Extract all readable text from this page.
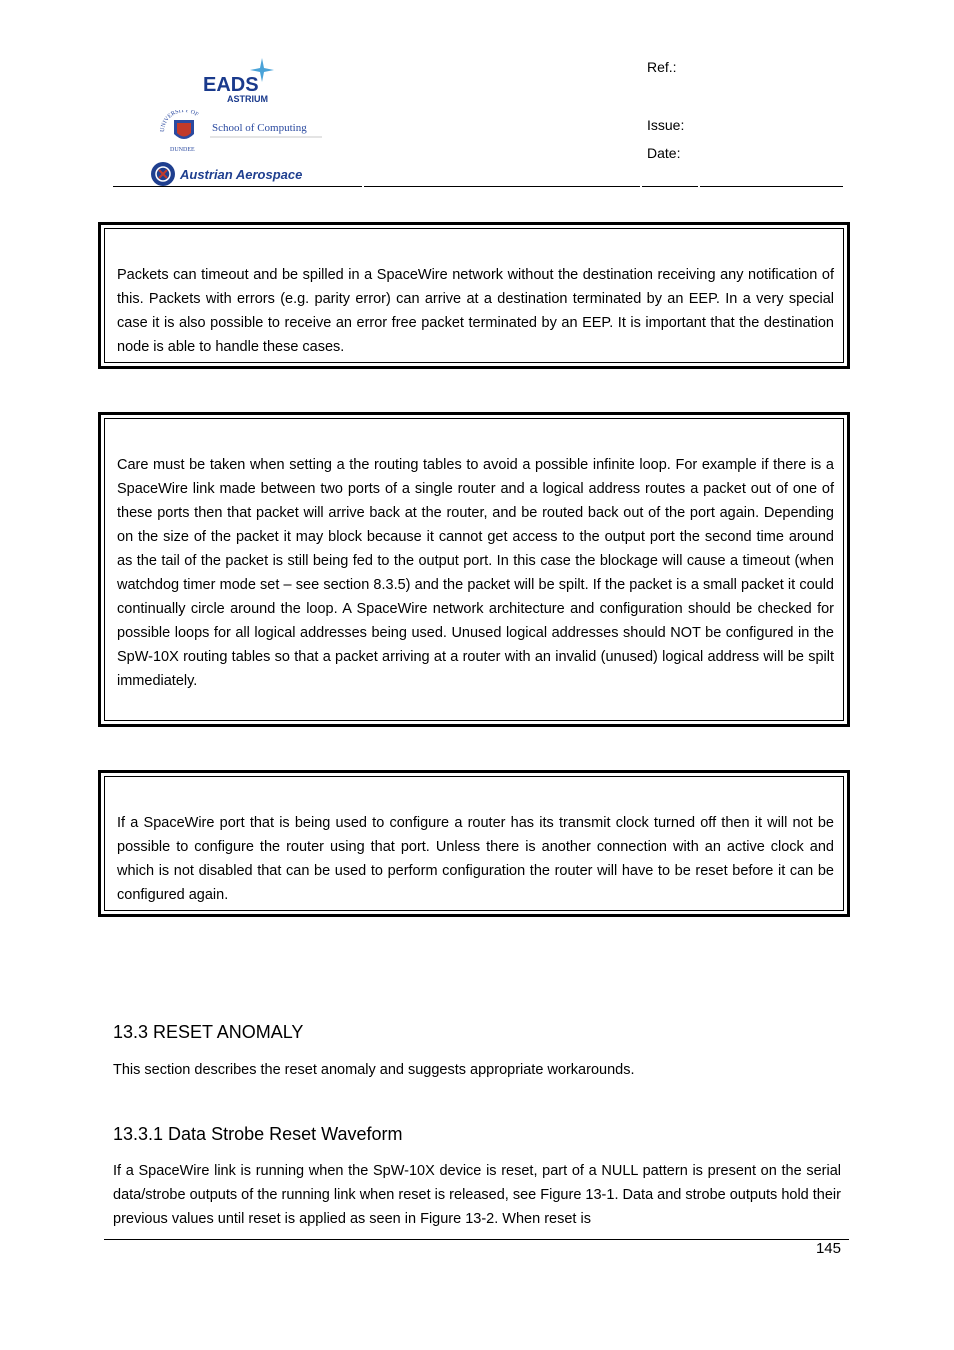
EADS
ASTRIUM
UNIVERSITY OF
DUNDEE
School of Computing
Austrian Aerospace
Ref.:
Issue:
Date:

Packets can timeout and be spilled in a SpaceWire network without the destination receiving any notification of this. Packets with errors (e.g. parity error) can arrive at a destination terminated by an EEP. In a very special case it is also possible to receive an error free packet terminated by an EEP. It is important that the destination node is able to handle these cases.

Care must be taken when setting a the routing tables to avoid a possible infinite loop. For example if there is a SpaceWire link made between two ports of a single router and a logical address routes a packet out of one of these ports then that packet will arrive back at the router, and be routed back out of the port again. Depending on the size of the packet it may block because it cannot get access to the output port the second time around as the tail of the packet is still being fed to the output port. In this case the blockage will cause a timeout (when watchdog timer mode set – see section 8.3.5) and the packet will be spilt. If the packet is a small packet it could continually circle around the loop. A SpaceWire network architecture and configuration should be checked for possible loops for all logical addresses being used. Unused logical addresses should NOT be configured in the SpW-10X routing tables so that a packet arriving at a router with an invalid (unused) logical address will be spilt immediately.

If a SpaceWire port that is being used to configure a router has its transmit clock turned off then it will not be possible to configure the router using that port. Unless there is another connection with an active clock and which is not disabled that can be used to perform configuration the router will have to be reset before it can be configured again.

13.3 RESET ANOMALY
This section describes the reset anomaly and suggests appropriate workarounds.
13.3.1 Data Strobe Reset Waveform
If a SpaceWire link is running when the SpW-10X device is reset, part of a NULL pattern is present on the serial data/strobe outputs of the running link when reset is released, see Figure 13-1. Data and strobe outputs hold their previous values until reset is applied as seen in Figure 13-2. When reset is
145
